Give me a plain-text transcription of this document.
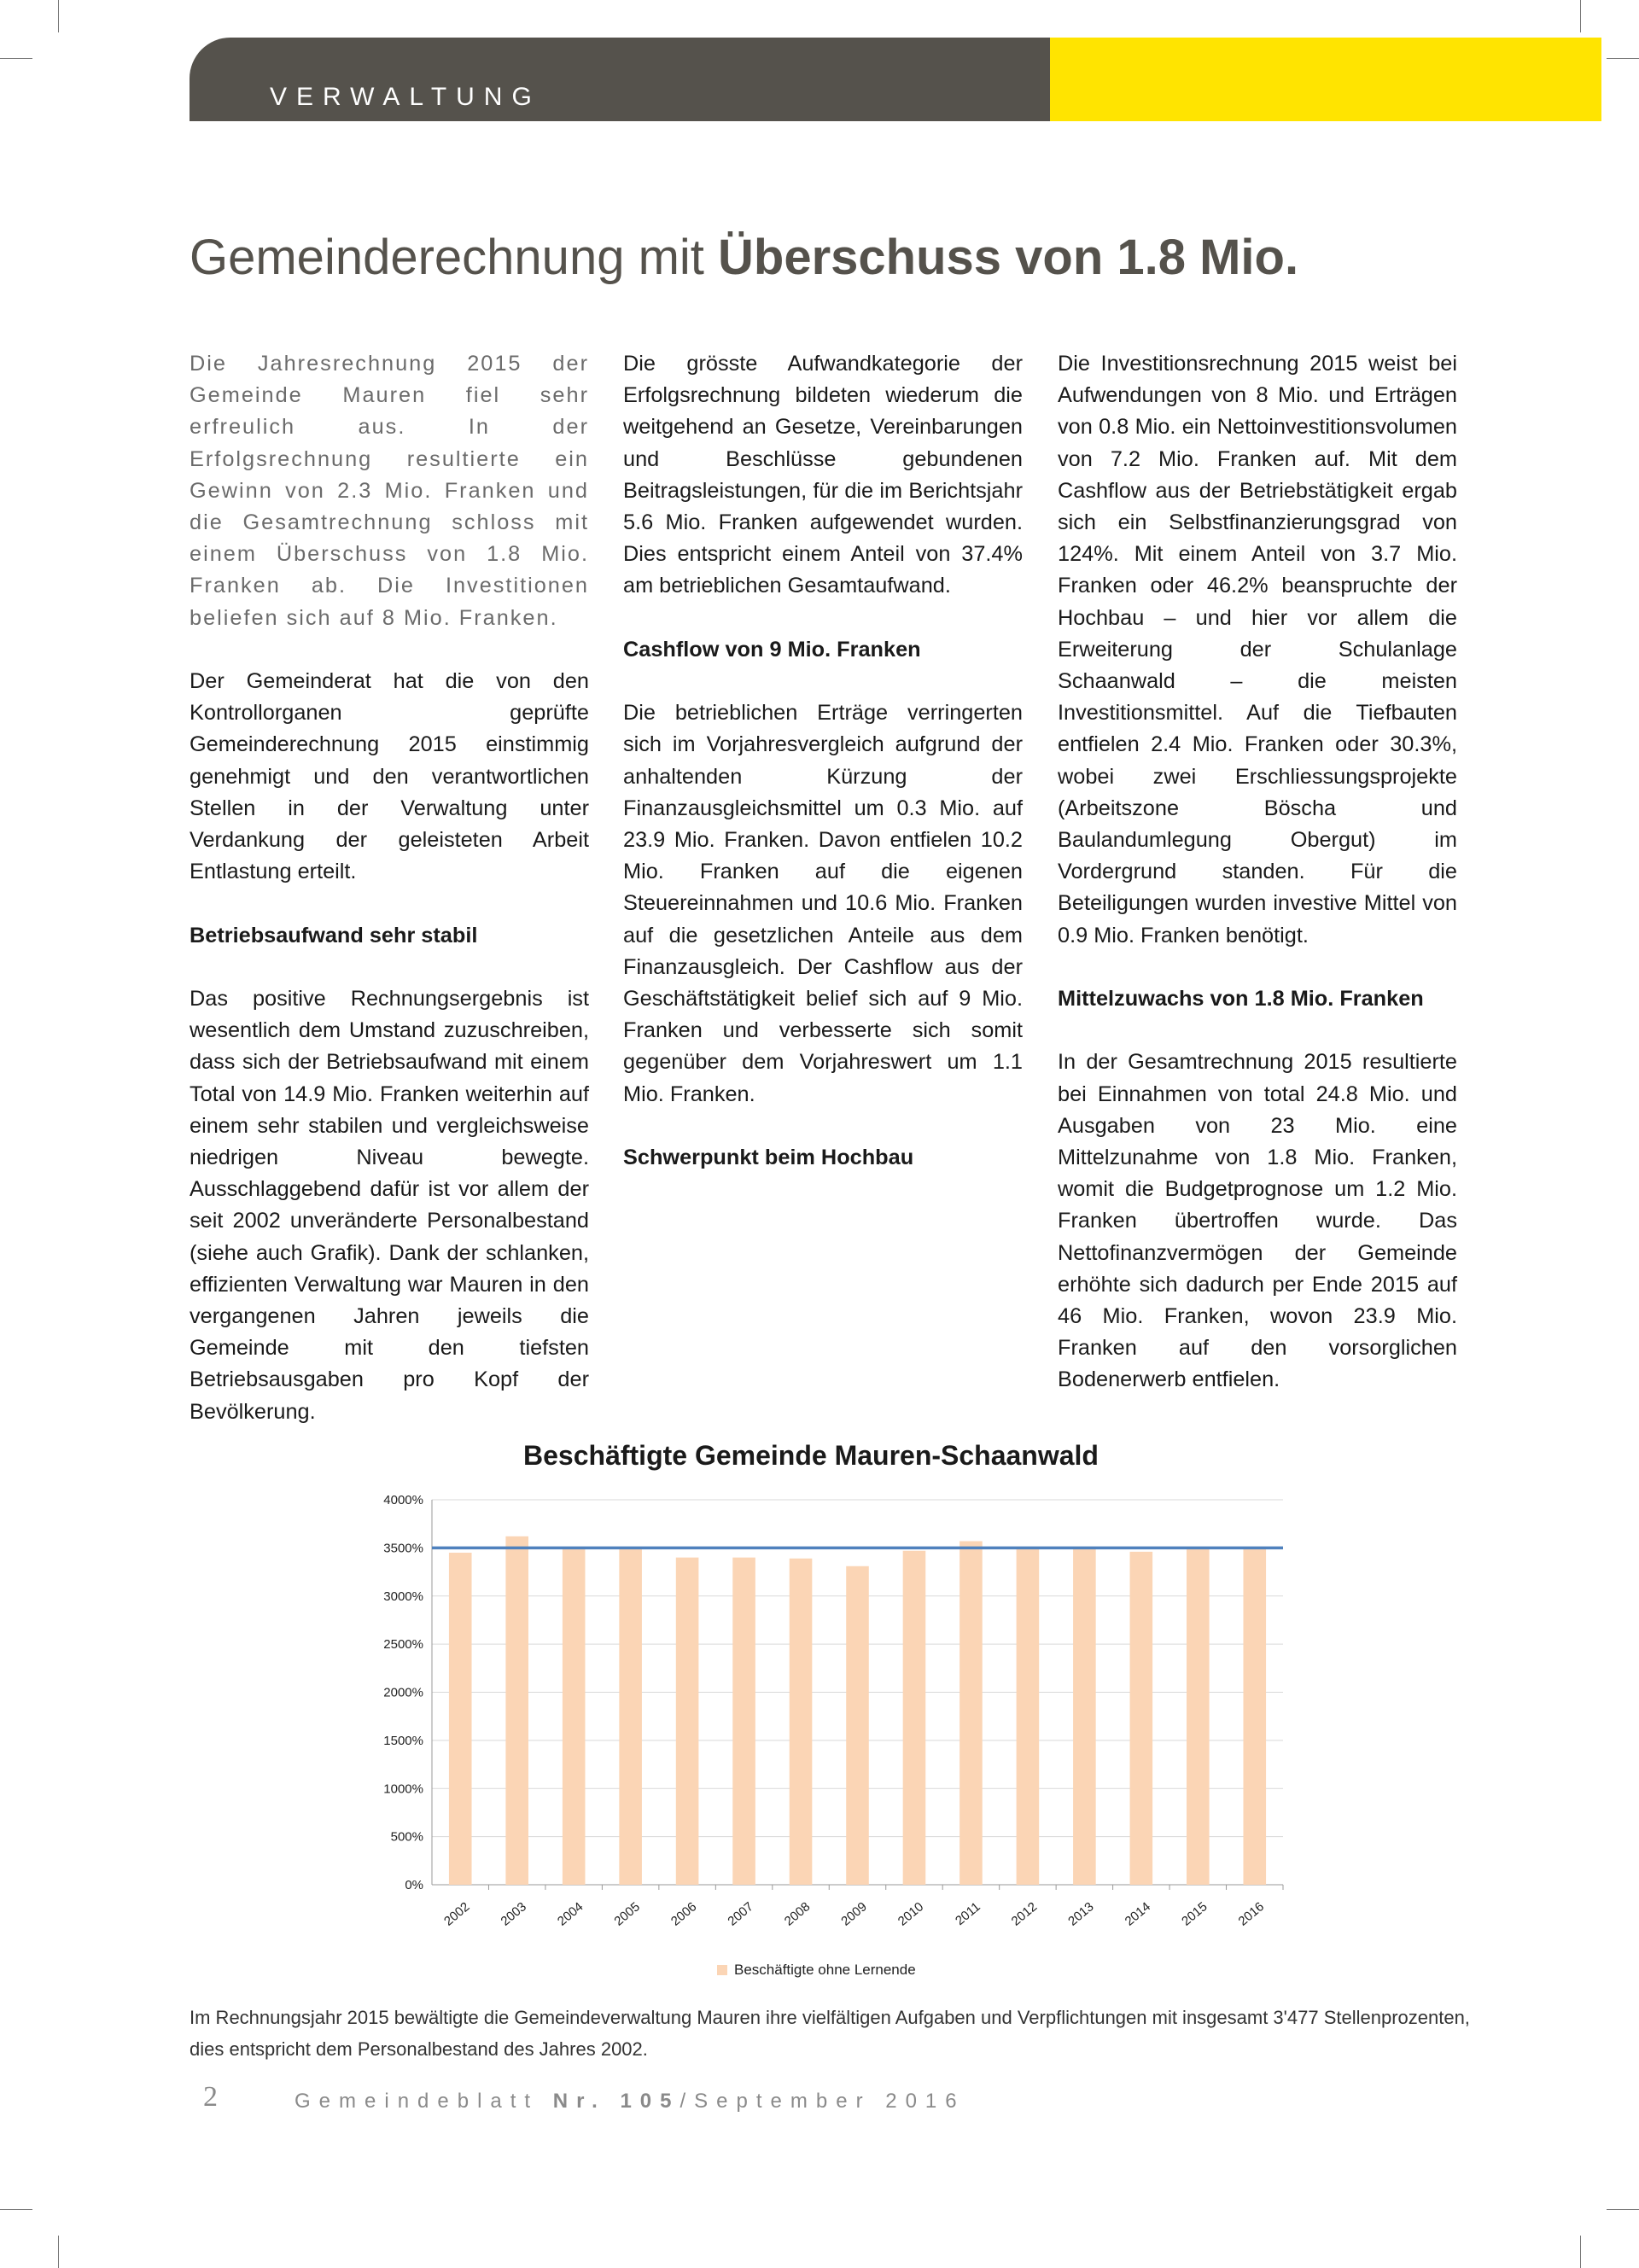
VERWALTUNG
Gemeinderechnung mit Überschuss von 1.8 Mio.

Die Jahresrechnung 2015 der Gemeinde Mauren fiel sehr erfreulich aus. In der Erfolgsrechnung resultierte ein Gewinn von 2.3 Mio. Franken und die Gesamtrechnung schloss mit einem Überschuss von 1.8 Mio. Franken ab. Die Investitionen beliefen sich auf 8 Mio. Franken.

Der Gemeinderat hat die von den Kontrollorganen geprüfte Gemeinderechnung 2015 einstimmig genehmigt und den verantwortlichen Stellen in der Verwaltung unter Verdankung der geleisteten Arbeit Entlastung erteilt.

Betriebsaufwand sehr stabil

Das positive Rechnungsergebnis ist wesentlich dem Umstand zuzuschreiben, dass sich der Betriebsaufwand mit einem Total von 14.9 Mio. Franken weiterhin auf einem sehr stabilen und vergleichsweise niedrigen Niveau bewegte. Ausschlaggebend dafür ist vor allem der seit 2002 unveränderte Personalbestand (siehe auch Grafik). Dank der schlanken, effizienten Verwaltung war Mauren in den vergangenen Jahren jeweils die Gemeinde mit den tiefsten Betriebsausgaben pro Kopf der Bevölkerung.

Die grösste Aufwandkategorie der Erfolgsrechnung bildeten wiederum die weitgehend an Gesetze, Vereinbarungen und Beschlüsse gebundenen Beitragsleistungen, für die im Berichtsjahr 5.6 Mio. Franken aufgewendet wurden. Dies entspricht einem Anteil von 37.4% am betrieblichen Gesamtaufwand.

Cashflow von 9 Mio. Franken

Die betrieblichen Erträge verringerten sich im Vorjahresvergleich aufgrund der anhaltenden Kürzung der Finanzausgleichsmittel um 0.3 Mio. auf 23.9 Mio. Franken. Davon entfielen 10.2 Mio. Franken auf die eigenen Steuereinnahmen und 10.6 Mio. Franken auf die gesetzlichen Anteile aus dem Finanzausgleich. Der Cashflow aus der Geschäftstätigkeit belief sich auf 9 Mio. Franken und verbesserte sich somit gegenüber dem Vorjahreswert um 1.1 Mio. Franken.

Schwerpunkt beim Hochbau

Die Investitionsrechnung 2015 weist bei Aufwendungen von 8 Mio. und Erträgen von 0.8 Mio. ein Nettoinvestitionsvolumen von 7.2 Mio. Franken auf. Mit dem Cashflow aus der Betriebstätigkeit ergab sich ein Selbstfinanzierungsgrad von 124%. Mit einem Anteil von 3.7 Mio. Franken oder 46.2% beanspruchte der Hochbau – und hier vor allem die Erweiterung der Schulanlage Schaanwald – die meisten Investitionsmittel. Auf die Tiefbauten entfielen 2.4 Mio. Franken oder 30.3%, wobei zwei Erschliessungsprojekte (Arbeitszone Böscha und Baulandumlegung Obergut) im Vordergrund standen. Für die Beteiligungen wurden investive Mittel von 0.9 Mio. Franken benötigt.

Mittelzuwachs von 1.8 Mio. Franken

In der Gesamtrechnung 2015 resultierte bei Einnahmen von total 24.8 Mio. und Ausgaben von 23 Mio. eine Mittelzunahme von 1.8 Mio. Franken, womit die Budgetprognose um 1.2 Mio. Franken übertroffen wurde. Das Nettofinanzvermögen der Gemeinde erhöhte sich dadurch per Ende 2015 auf 46 Mio. Franken, wovon 23.9 Mio. Franken auf den vorsorglichen Bodenerwerb entfielen.

Beschäftigte Gemeinde Mauren-Schaanwald
0%
500%
1000%
1500%
2000%
2500%
3000%
3500%
4000%
2002 2003 2004 2005 2006 2007 2008 2009 2010 2011 2012 2013 2014 2015 2016
Beschäftigte ohne Lernende
Im Rechnungsjahr 2015 bewältigte die Gemeindeverwaltung Mauren ihre vielfältigen Aufgaben und Verpflichtungen mit insgesamt 3'477 Stellenprozenten, dies entspricht dem Personalbestand des Jahres 2002.
2	Gemeindeblatt Nr. 105/September 2016
